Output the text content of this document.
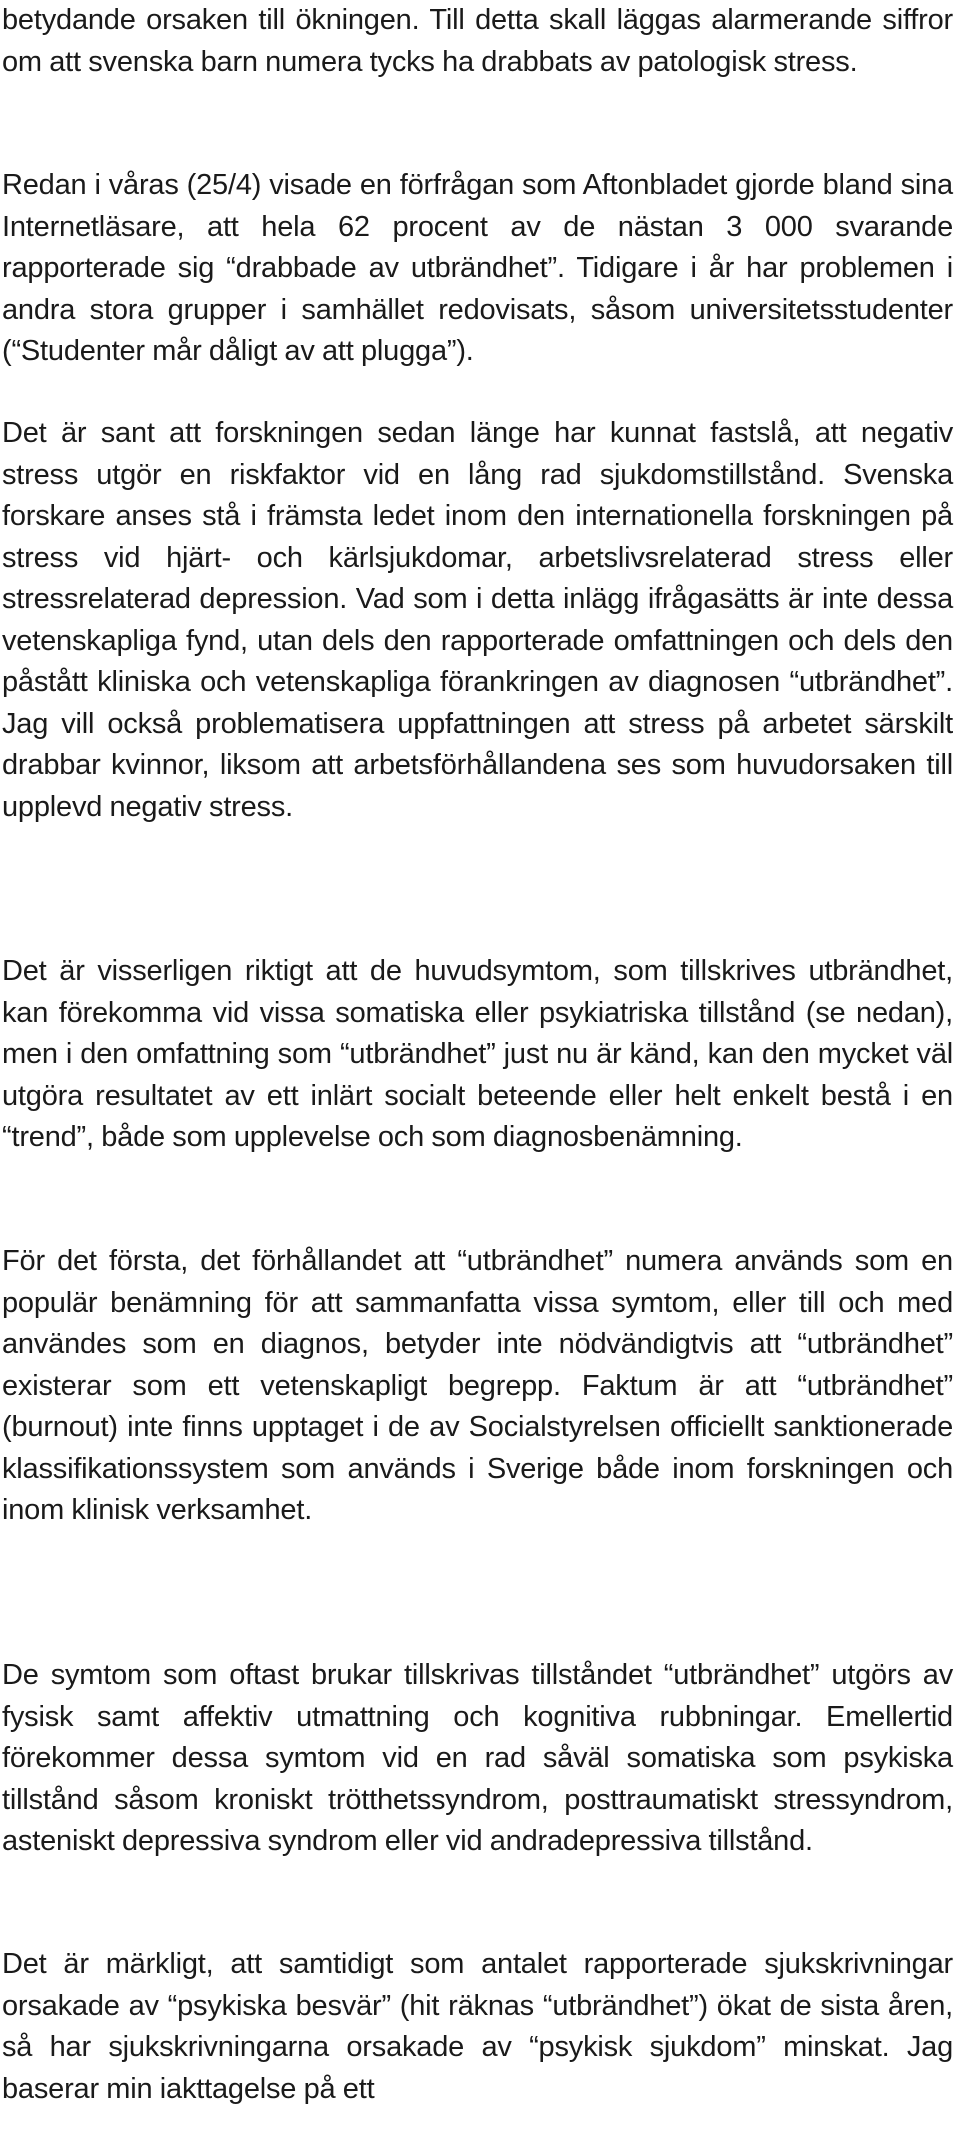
betydande orsaken till ökningen. Till detta skall läggas alarmerande siffror om att svenska barn numera tycks ha drabbats av patologisk stress.

Redan i våras (25/4) visade en förfrågan som Aftonbladet gjorde bland sina Internetläsare, att hela 62 procent av de nästan 3 000 svarande rapporterade sig “drabbade av utbrändhet”. Tidigare i år har problemen i andra stora grupper i samhället redovisats, såsom universitetsstudenter (“Studenter mår dåligt av att plugga”).

Det är sant att forskningen sedan länge har kunnat fastslå, att negativ stress utgör en riskfaktor vid en lång rad sjukdomstillstånd. Svenska forskare anses stå i främsta ledet inom den internationella forskningen på stress vid hjärt- och kärlsjukdomar, arbetslivsrelaterad stress eller stressrelaterad depression. Vad som i detta inlägg ifrågasätts är inte dessa vetenskapliga fynd, utan dels den rapporterade omfattningen och dels den påstått kliniska och vetenskapliga förankringen av diagnosen “utbrändhet”. Jag vill också problematisera uppfattningen att stress på arbetet särskilt drabbar kvinnor, liksom att arbetsförhållandena ses som huvudorsaken till upplevd negativ stress.

Det är visserligen riktigt att de huvudsymtom, som tillskrives utbrändhet, kan förekomma vid vissa somatiska eller psykiatriska tillstånd (se nedan), men i den omfattning som “utbrändhet” just nu är känd, kan den mycket väl utgöra resultatet av ett inlärt socialt beteende eller helt enkelt bestå i en “trend”, både som upplevelse och som diagnosbenämning.

För det första, det förhållandet att “utbrändhet” numera används som en populär benämning för att sammanfatta vissa symtom, eller till och med användes som en diagnos, betyder inte nödvändigtvis att “utbrändhet” existerar som ett vetenskapligt begrepp. Faktum är att “utbrändhet” (burnout) inte finns upptaget i de av Socialstyrelsen officiellt sanktionerade klassifikationssystem som används i Sverige både inom forskningen och inom klinisk verksamhet.

De symtom som oftast brukar tillskrivas tillståndet “utbrändhet” utgörs av fysisk samt affektiv utmattning och kognitiva rubbningar. Emellertid förekommer dessa symtom vid en rad såväl somatiska som psykiska tillstånd såsom kroniskt trötthetssyndrom, posttraumatiskt stressyndrom, asteniskt depressiva syndrom eller vid andradepressiva tillstånd.

Det är märkligt, att samtidigt som antalet rapporterade sjukskrivningar orsakade av “psykiska besvär” (hit räknas “utbrändhet”) ökat de sista åren, så har sjukskrivningarna orsakade av “psykisk sjukdom” minskat. Jag baserar min iakttagelse på ett
